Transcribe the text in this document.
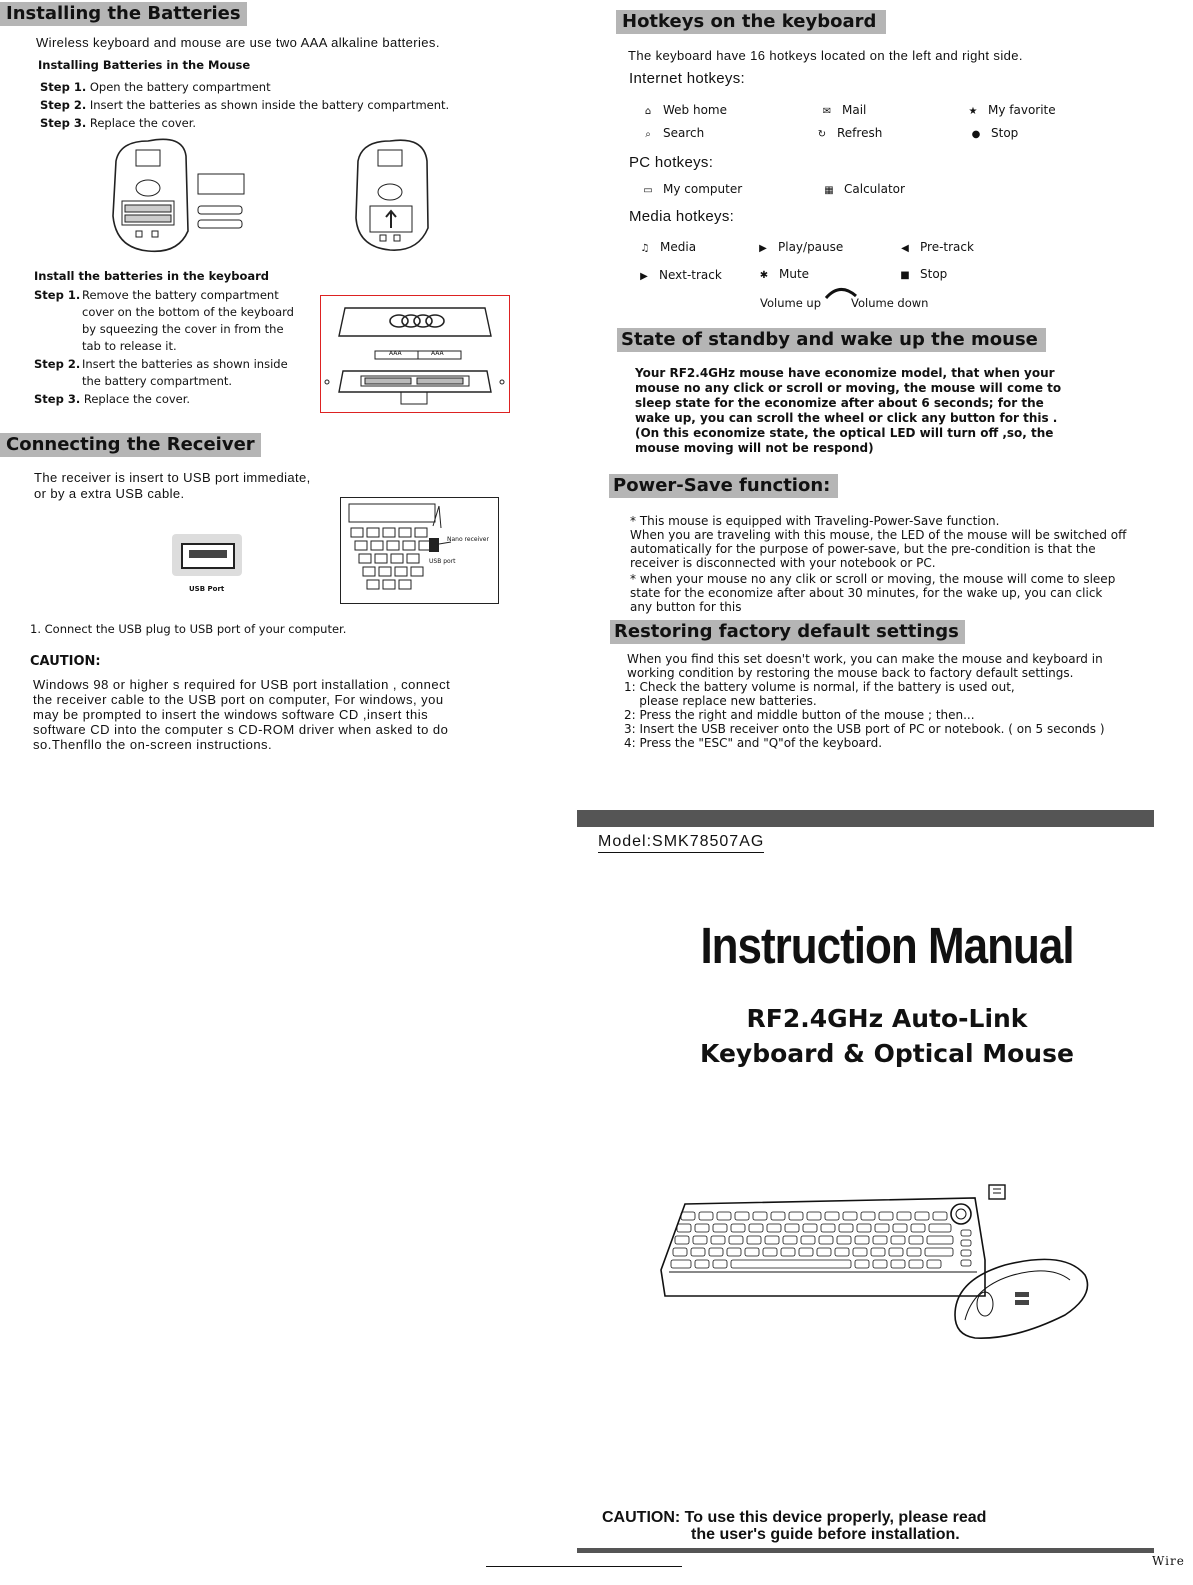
Installing the Batteries
Wireless keyboard and mouse are use two AAA alkaline batteries.
Installing Batteries in the Mouse
Step 1. Open the battery compartment
Step 2. Insert the batteries as shown inside the battery compartment.
Step 3. Replace the cover.
Install the batteries in the keyboard
Step 1. Remove the battery compartment
cover on the bottom of the keyboard
by squeezing the cover in from the
tab to release it.
Step 2. Insert the batteries as shown inside
the battery compartment.
Step 3. Replace the cover.
AAA	AAA
Connecting the Receiver
The receiver is insert to USB port immediate,
or by a extra USB cable.
USB Port
Nano receiver
USB port
1. Connect the USB plug to USB port of your computer.
CAUTION:
Windows 98 or higher s required for USB port installation , connect
the receiver cable to the USB port on computer, For windows, you
may be prompted to insert the windows software CD ,insert this
software CD into the computer s CD-ROM driver when asked to do
so.Thenfllo the on-screen instructions.
Hotkeys on the keyboard
The keyboard have 16 hotkeys located on the left and right side.
Internet hotkeys:
⌂ Web home	✉ Mail	★ My favorite
⌕ Search	↻ Refresh	● Stop
PC hotkeys:
▭ My computer	▦ Calculator
Media hotkeys:
♫ Media	▶ Play/pause	◀ Pre-track
▶ Next-track	✱ Mute	■ Stop
Volume up	Volume down
State of standby and wake up the mouse
Your RF2.4GHz mouse have economize model, that when your
mouse no any click or scroll or moving, the mouse will come to
sleep state for the economize after about 6 seconds; for the
wake up, you can scroll the wheel or click any button for this .
(On this economize state, the optical LED will turn off ,so, the
mouse moving will not be respond)
Power-Save function:
* This mouse is equipped with Traveling-Power-Save function.
When you are traveling with this mouse, the LED of the mouse will be switched off
automatically for the purpose of power-save, but the pre-condition is that the
receiver is disconnected with your notebook or PC.
* when your mouse no any clik or scroll or moving, the mouse will come to sleep
state for the economize after about 30 minutes, for the wake up, you can click
any button for this
Restoring factory default settings
When you find this set doesn't work, you can make the mouse and keyboard in
working condition by restoring the mouse back to factory default settings.
1: Check the battery volume is normal, if the battery is used out,
please replace new batteries.
2: Press the right and middle button of the mouse ; then...
3: Insert the USB receiver onto the USB port of PC or notebook. ( on 5 seconds )
4: Press the "ESC" and "Q"of the keyboard.
Model:SMK78507AG
Instruction Manual
RF2.4GHz Auto-Link
Keyboard & Optical Mouse
CAUTION: To use this device properly, please read
the user's guide before installation.
Wire
